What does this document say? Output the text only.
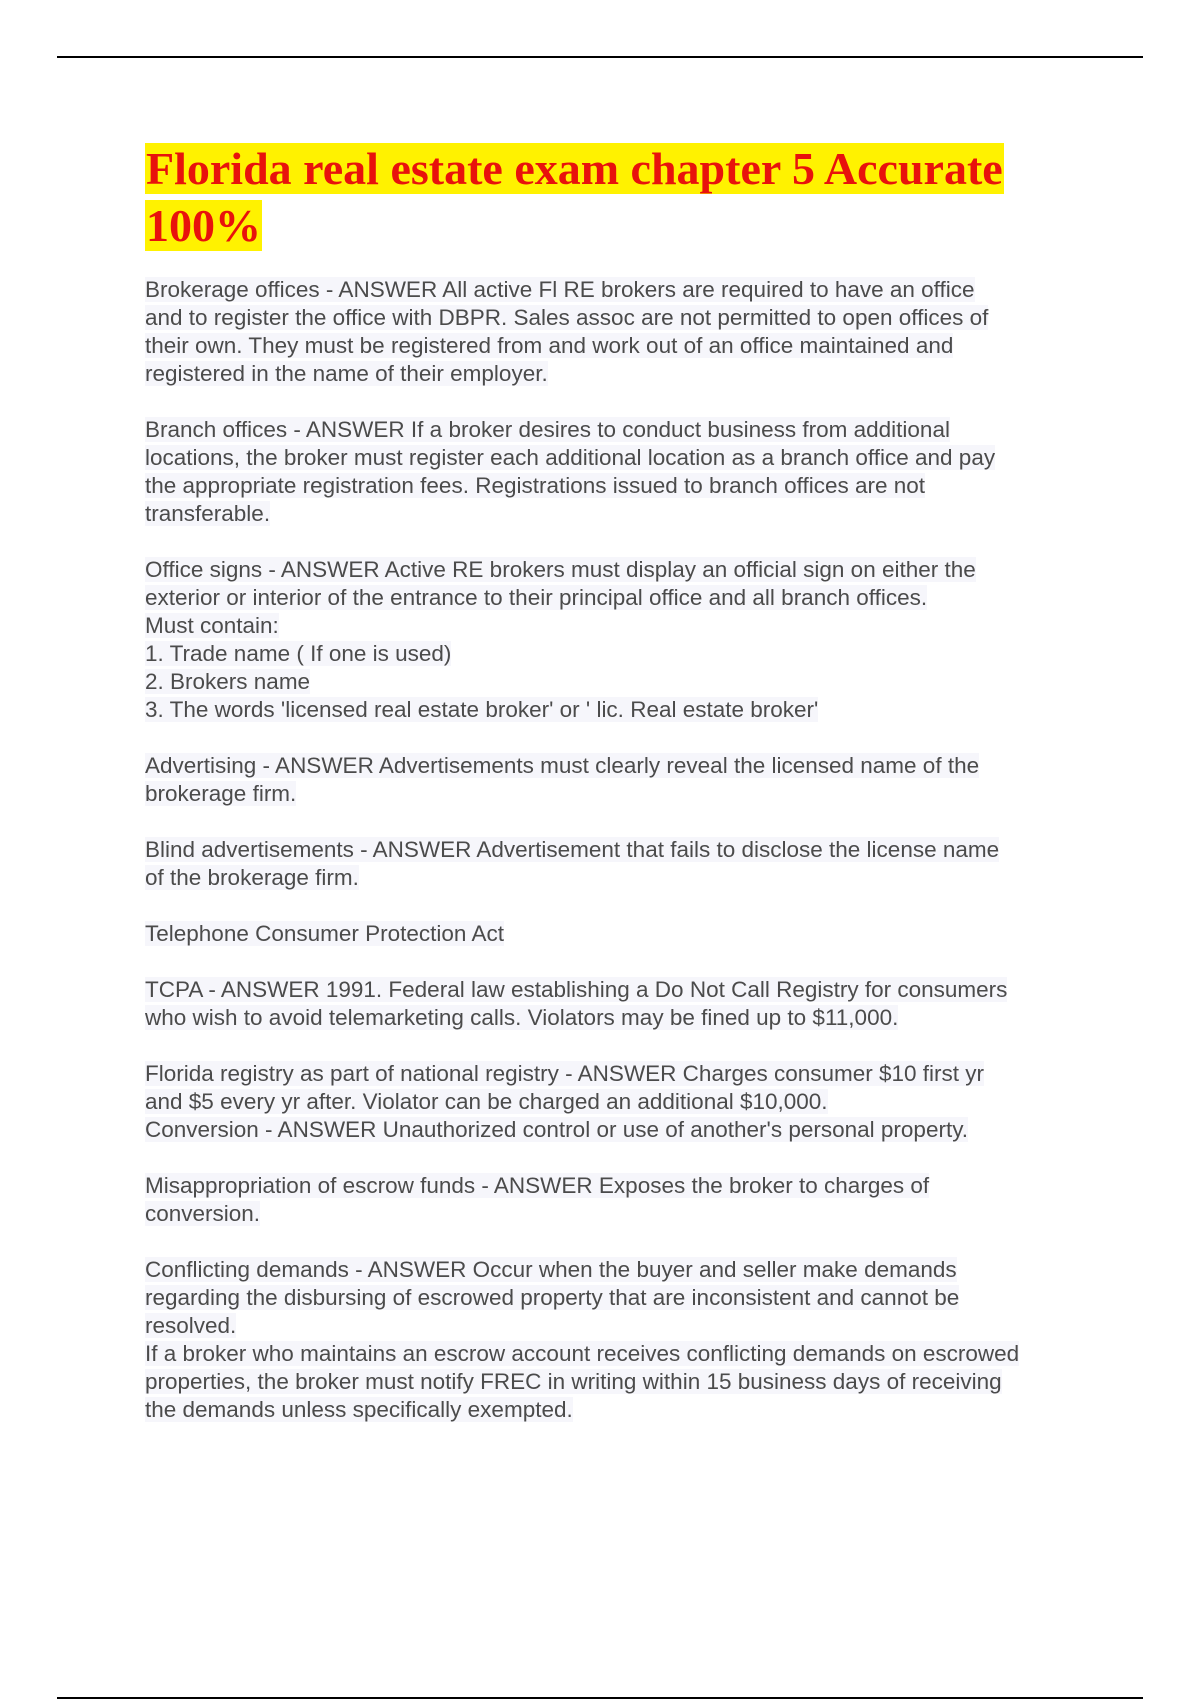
Florida real estate exam chapter 5 Accurate 100%
Brokerage offices - ANSWER All active Fl RE brokers are required to have an office
and to register the office with DBPR. Sales assoc are not permitted to open offices of
their own. They must be registered from and work out of an office maintained and
registered in the name of their employer.
Branch offices - ANSWER If a broker desires to conduct business from additional
locations, the broker must register each additional location as a branch office and pay
the appropriate registration fees. Registrations issued to branch offices are not
transferable.
Office signs - ANSWER Active RE brokers must display an official sign on either the
exterior or interior of the entrance to their principal office and all branch offices.
Must contain:
1. Trade name ( If one is used)
2. Brokers name
3. The words 'licensed real estate broker' or ' lic. Real estate broker'
Advertising - ANSWER Advertisements must clearly reveal the licensed name of the
brokerage firm.
Blind advertisements - ANSWER Advertisement that fails to disclose the license name
of the brokerage firm.
Telephone Consumer Protection Act
TCPA - ANSWER 1991. Federal law establishing a Do Not Call Registry for consumers
who wish to avoid telemarketing calls. Violators may be fined up to $11,000.
Florida registry as part of national registry - ANSWER Charges consumer $10 first yr
and $5 every yr after. Violator can be charged an additional $10,000.
Conversion - ANSWER Unauthorized control or use of another's personal property.
Misappropriation of escrow funds - ANSWER Exposes the broker to charges of
conversion.
Conflicting demands - ANSWER Occur when the buyer and seller make demands
regarding the disbursing of escrowed property that are inconsistent and cannot be
resolved.
If a broker who maintains an escrow account receives conflicting demands on escrowed
properties, the broker must notify FREC in writing within 15 business days of receiving
the demands unless specifically exempted.
